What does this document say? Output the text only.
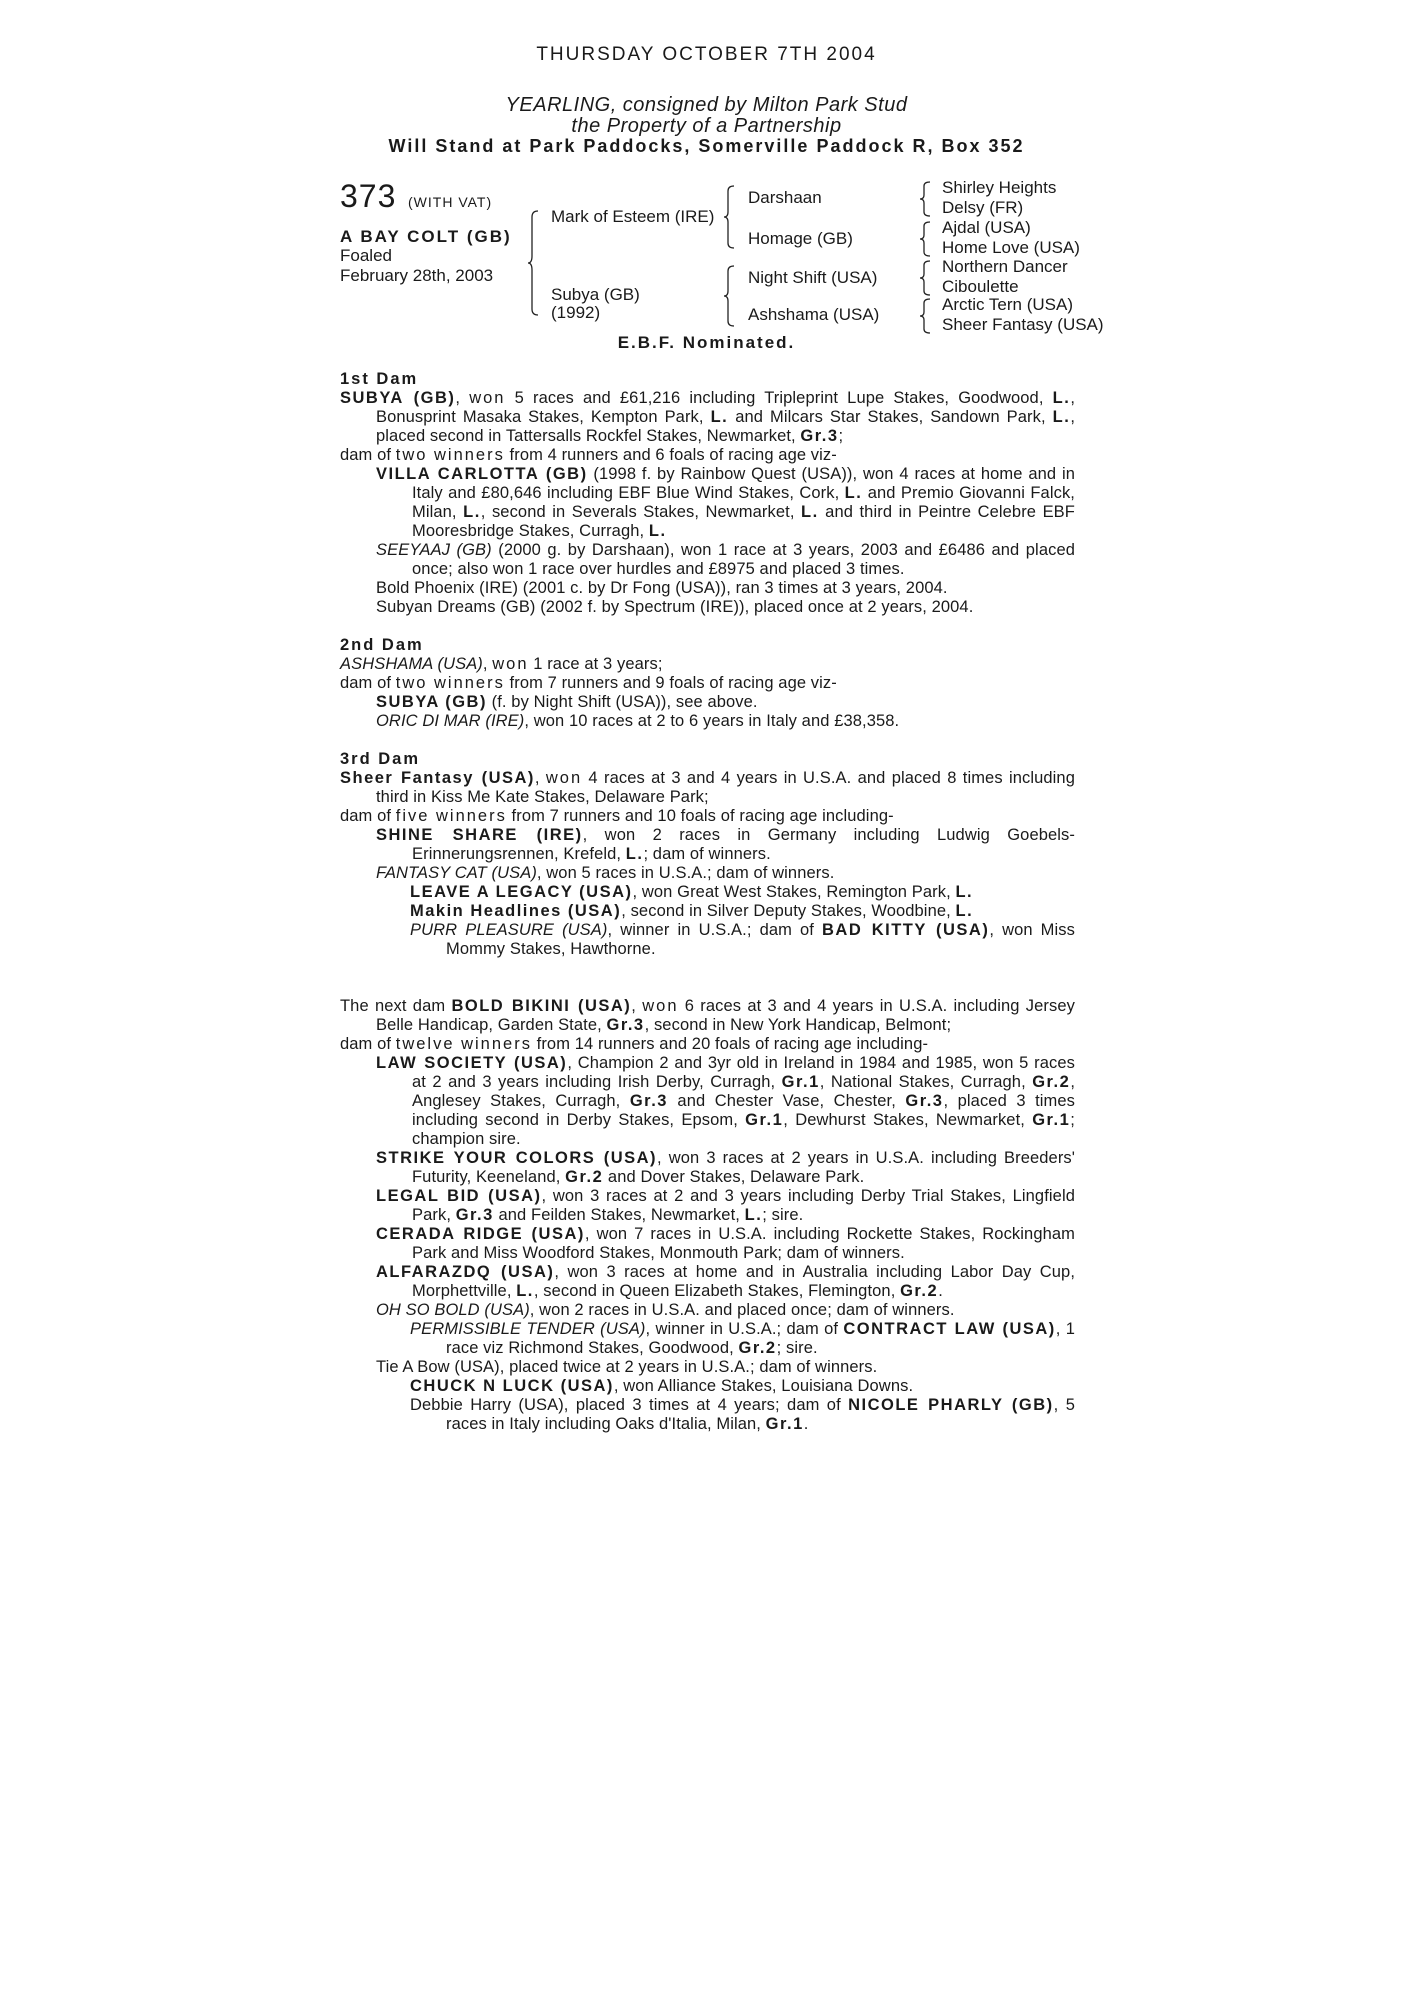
THURSDAY OCTOBER 7TH 2004
YEARLING, consigned by Milton Park Stud
the Property of a Partnership
Will Stand at Park Paddocks, Somerville Paddock R, Box 352
373 (WITH VAT)
A BAY COLT (GB)
Foaled
February 28th, 2003
Mark of Esteem (IRE)
Subya (GB)
(1992)
Darshaan
Homage (GB)
Night Shift (USA)
Ashshama (USA)
Shirley Heights
Delsy (FR)
Ajdal (USA)
Home Love (USA)
Northern Dancer
Ciboulette
Arctic Tern (USA)
Sheer Fantasy (USA)
E.B.F. Nominated.
1st Dam
SUBYA (GB), won 5 races and £61,216 including Tripleprint Lupe Stakes, Goodwood, L., Bonusprint Masaka Stakes, Kempton Park, L. and Milcars Star Stakes, Sandown Park, L., placed second in Tattersalls Rockfel Stakes, Newmarket, Gr.3;
dam of two winners from 4 runners and 6 foals of racing age viz-
VILLA CARLOTTA (GB) (1998 f. by Rainbow Quest (USA)), won 4 races at home and in Italy and £80,646 including EBF Blue Wind Stakes, Cork, L. and Premio Giovanni Falck, Milan, L., second in Severals Stakes, Newmarket, L. and third in Peintre Celebre EBF Mooresbridge Stakes, Curragh, L.
SEEYAAJ (GB) (2000 g. by Darshaan), won 1 race at 3 years, 2003 and £6486 and placed once; also won 1 race over hurdles and £8975 and placed 3 times.
Bold Phoenix (IRE) (2001 c. by Dr Fong (USA)), ran 3 times at 3 years, 2004.
Subyan Dreams (GB) (2002 f. by Spectrum (IRE)), placed once at 2 years, 2004.
2nd Dam
ASHSHAMA (USA), won 1 race at 3 years;
dam of two winners from 7 runners and 9 foals of racing age viz-
SUBYA (GB) (f. by Night Shift (USA)), see above.
ORIC DI MAR (IRE), won 10 races at 2 to 6 years in Italy and £38,358.
3rd Dam
Sheer Fantasy (USA), won 4 races at 3 and 4 years in U.S.A. and placed 8 times including third in Kiss Me Kate Stakes, Delaware Park;
dam of five winners from 7 runners and 10 foals of racing age including-
SHINE SHARE (IRE), won 2 races in Germany including Ludwig Goebels-Erinnerungsrennen, Krefeld, L.; dam of winners.
FANTASY CAT (USA), won 5 races in U.S.A.; dam of winners.
LEAVE A LEGACY (USA), won Great West Stakes, Remington Park, L.
Makin Headlines (USA), second in Silver Deputy Stakes, Woodbine, L.
PURR PLEASURE (USA), winner in U.S.A.; dam of BAD KITTY (USA), won Miss Mommy Stakes, Hawthorne.
The next dam BOLD BIKINI (USA), won 6 races at 3 and 4 years in U.S.A. including Jersey Belle Handicap, Garden State, Gr.3, second in New York Handicap, Belmont;
dam of twelve winners from 14 runners and 20 foals of racing age including-
LAW SOCIETY (USA), Champion 2 and 3yr old in Ireland in 1984 and 1985, won 5 races at 2 and 3 years including Irish Derby, Curragh, Gr.1, National Stakes, Curragh, Gr.2, Anglesey Stakes, Curragh, Gr.3 and Chester Vase, Chester, Gr.3, placed 3 times including second in Derby Stakes, Epsom, Gr.1, Dewhurst Stakes, Newmarket, Gr.1; champion sire.
STRIKE YOUR COLORS (USA), won 3 races at 2 years in U.S.A. including Breeders' Futurity, Keeneland, Gr.2 and Dover Stakes, Delaware Park.
LEGAL BID (USA), won 3 races at 2 and 3 years including Derby Trial Stakes, Lingfield Park, Gr.3 and Feilden Stakes, Newmarket, L.; sire.
CERADA RIDGE (USA), won 7 races in U.S.A. including Rockette Stakes, Rockingham Park and Miss Woodford Stakes, Monmouth Park; dam of winners.
ALFARAZDQ (USA), won 3 races at home and in Australia including Labor Day Cup, Morphettville, L., second in Queen Elizabeth Stakes, Flemington, Gr.2.
OH SO BOLD (USA), won 2 races in U.S.A. and placed once; dam of winners.
PERMISSIBLE TENDER (USA), winner in U.S.A.; dam of CONTRACT LAW (USA), 1 race viz Richmond Stakes, Goodwood, Gr.2; sire.
Tie A Bow (USA), placed twice at 2 years in U.S.A.; dam of winners.
CHUCK N LUCK (USA), won Alliance Stakes, Louisiana Downs.
Debbie Harry (USA), placed 3 times at 4 years; dam of NICOLE PHARLY (GB), 5 races in Italy including Oaks d'Italia, Milan, Gr.1.
